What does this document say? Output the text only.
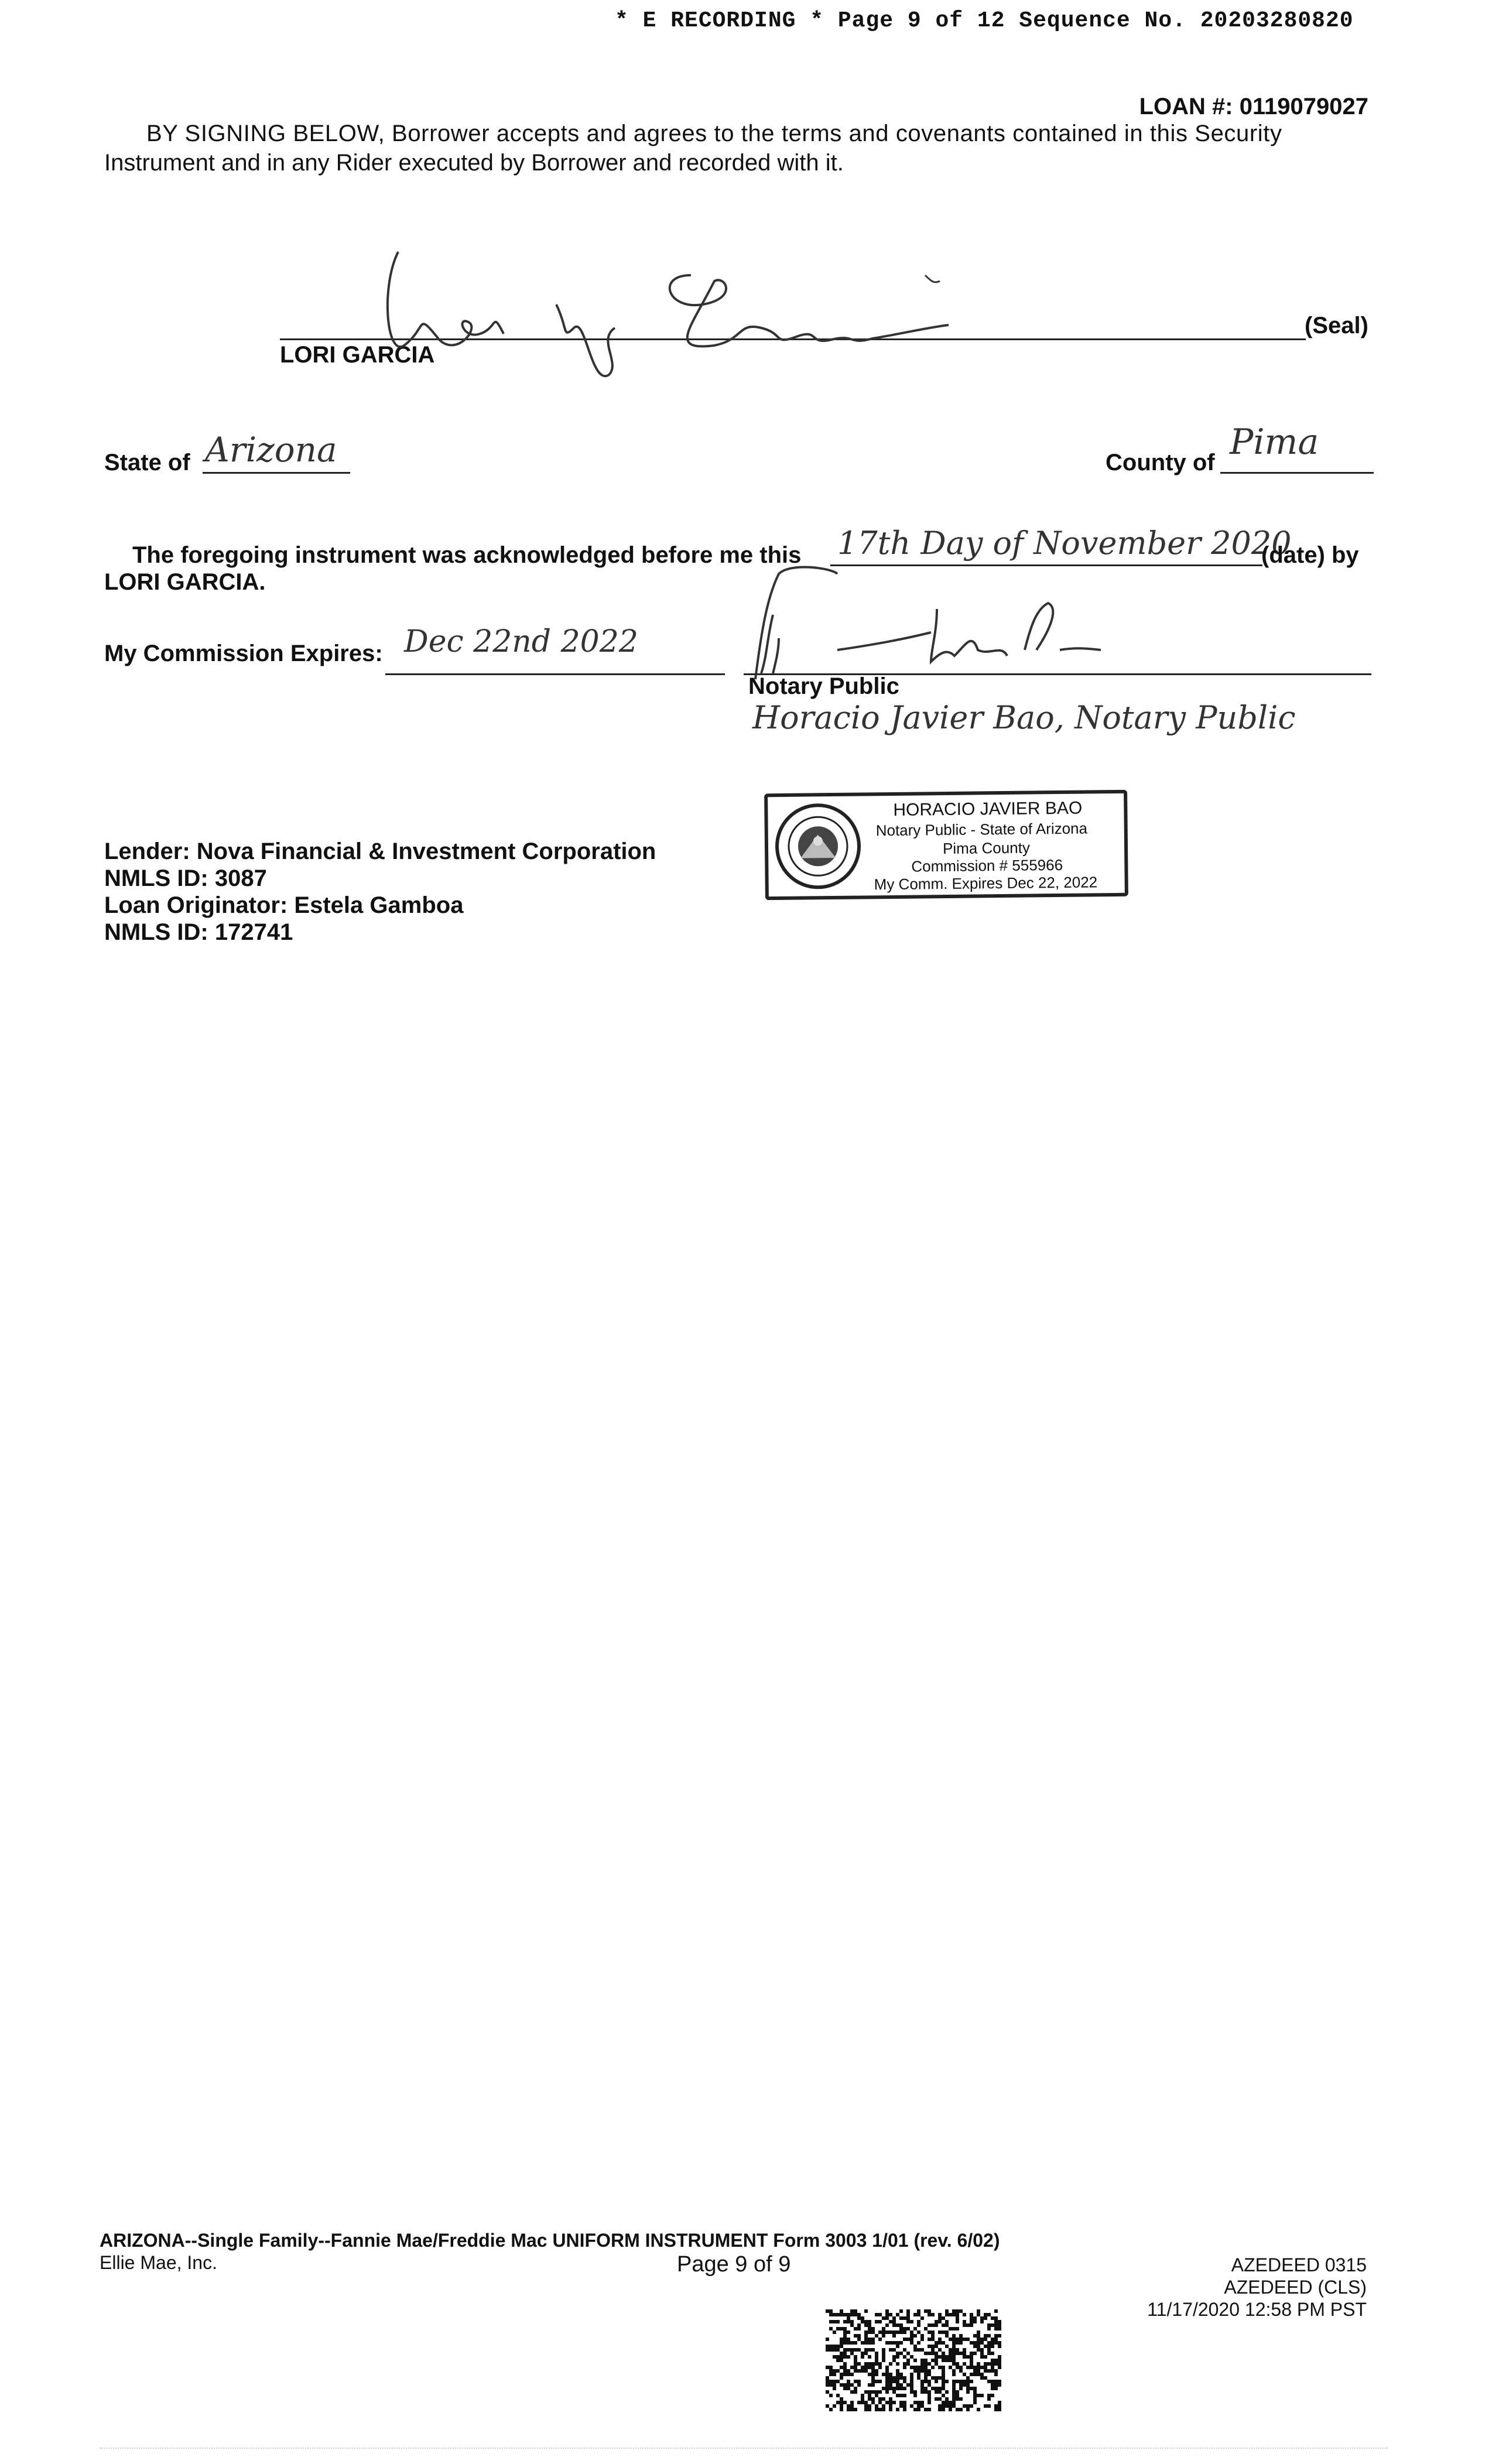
* E RECORDING * Page 9 of 12 Sequence No. 20203280820
LOAN #: 0119079027
BY SIGNING BELOW, Borrower accepts and agrees to the terms and covenants contained in this Security
Instrument and in any Rider executed by Borrower and recorded with it.
LORI GARCIA
(Seal)
State of Arizona	County of Pima
The foregoing instrument was acknowledged before me this 17th Day of November 2020
(date) by
LORI GARCIA.
My Commission Expires: Dec 22nd 2022
Notary Public
Horacio Javier Bao, Notary Public
HORACIO JAVIER BAO
Notary Public - State of Arizona
Pima County
Commission # 555966
My Comm. Expires Dec 22, 2022
Lender: Nova Financial & Investment Corporation
NMLS ID: 3087
Loan Originator: Estela Gamboa
NMLS ID: 172741
ARIZONA--Single Family--Fannie Mae/Freddie Mac UNIFORM INSTRUMENT Form 3003 1/01 (rev. 6/02)
Ellie Mae, Inc.	Page 9 of 9	AZEDEED 0315
AZEDEED (CLS)
11/17/2020 12:58 PM PST
